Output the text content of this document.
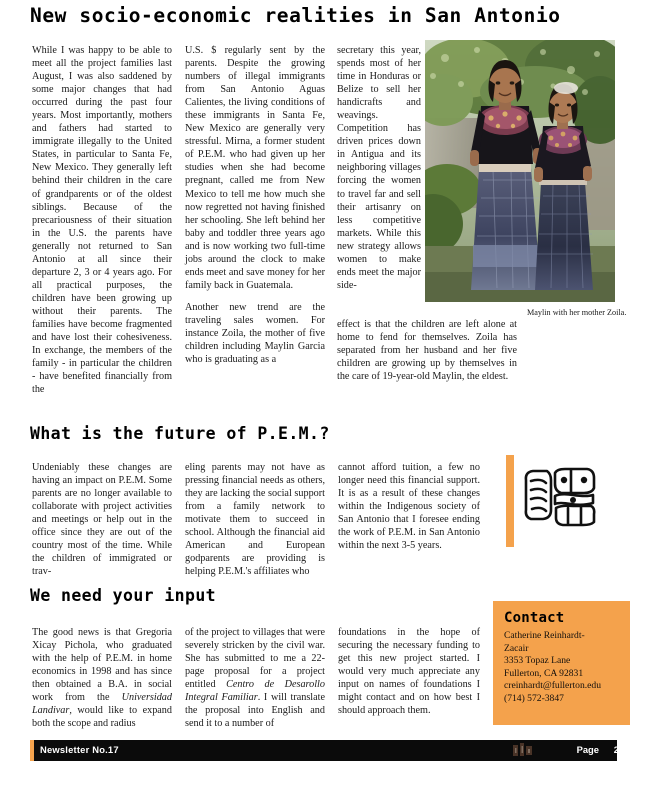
New socio-economic realities in San Antonio

While I was happy to be able to meet all the project families last August, I was also saddened by some major changes that had occurred during the past four years. Most importantly, mothers and fathers had started to immigrate illegally to the United States, in particular to Santa Fe, New Mexico. They generally left behind their children in the care of grandparents or of the oldest siblings. Because of the precariousness of their situation in the U.S. the parents have generally not returned to San Antonio at all since their departure 2, 3 or 4 years ago. For all practical purposes, the children have been growing up without their parents. The families have become fragmented and have lost their cohesiveness. In exchange, the members of the family - in particular the children - have benefited financially from the

U.S. $ regularly sent by the parents. Despite the growing numbers of illegal immigrants from San Antonio Aguas Calientes, the living conditions of these immigrants in Santa Fe, New Mexico are generally very stressful. Mirna, a former student of P.E.M. who had given up her studies when she had become pregnant, called me from New Mexico to tell me how much she now regretted not having finished her schooling. She left behind her baby and toddler three years ago and is now working two full-time jobs around the clock to make ends meet and save money for her family back in Guatemala.

Another new trend are the traveling sales women. For instance Zoila, the mother of five children including Maylin Garcia who is graduating as a

secretary this year, spends most of her time in Honduras or Belize to sell her handicrafts and weavings. Competition has driven prices down in Antigua and its neighboring villages forcing the women to travel far and sell their artisanry on less competitive markets. While this new strategy allows women to make ends meet the major side-

effect is that the children are left alone at home to fend for themselves. Zoila has separated from her husband and her five children are growing up by themselves in the care of 19-year-old Maylin, the eldest.

Maylin with her mother Zoila.
What is the future of P.E.M.?

Undeniably these changes are having an impact on P.E.M. Some parents are no longer available to collaborate with project activities and meetings or help out in the office since they are out of the country most of the time. While the children of immigrated or trav-

eling parents may not have as pressing financial needs as others, they are lacking the social support from a family network to motivate them to succeed in school. Although the financial aid American and European godparents are providing is helping P.E.M.'s affiliates who

cannot afford tuition, a few no longer need this financial support. It is as a result of these changes within the Indigenous society of San Antonio that I foresee ending the work of P.E.M. in San Antonio within the next 3-5 years.

We need your input

The good news is that Gregoria Xicay Pichola, who graduated with the help of P.E.M. in home economics in 1998 and has since then obtained a B.A. in social work from the Universidad Landivar, would like to expand both the scope and radius

of the project to villages that were severely stricken by the civil war. She has submitted to me a 22-page proposal for a project entitled Centro de Desarollo Integral Familiar. I will translate the proposal into English and send it to a number of

foundations in the hope of securing the necessary funding to get this new project started. I would very much appreciate any input on names of foundations I might contact and on how best I should approach them.

Contact
Catherine Reinhardt-
Zacair
3353 Topaz Lane
Fullerton, CA 92831
creinhardt@fullerton.edu
(714) 572-3847
Newsletter No.17	Page 2
